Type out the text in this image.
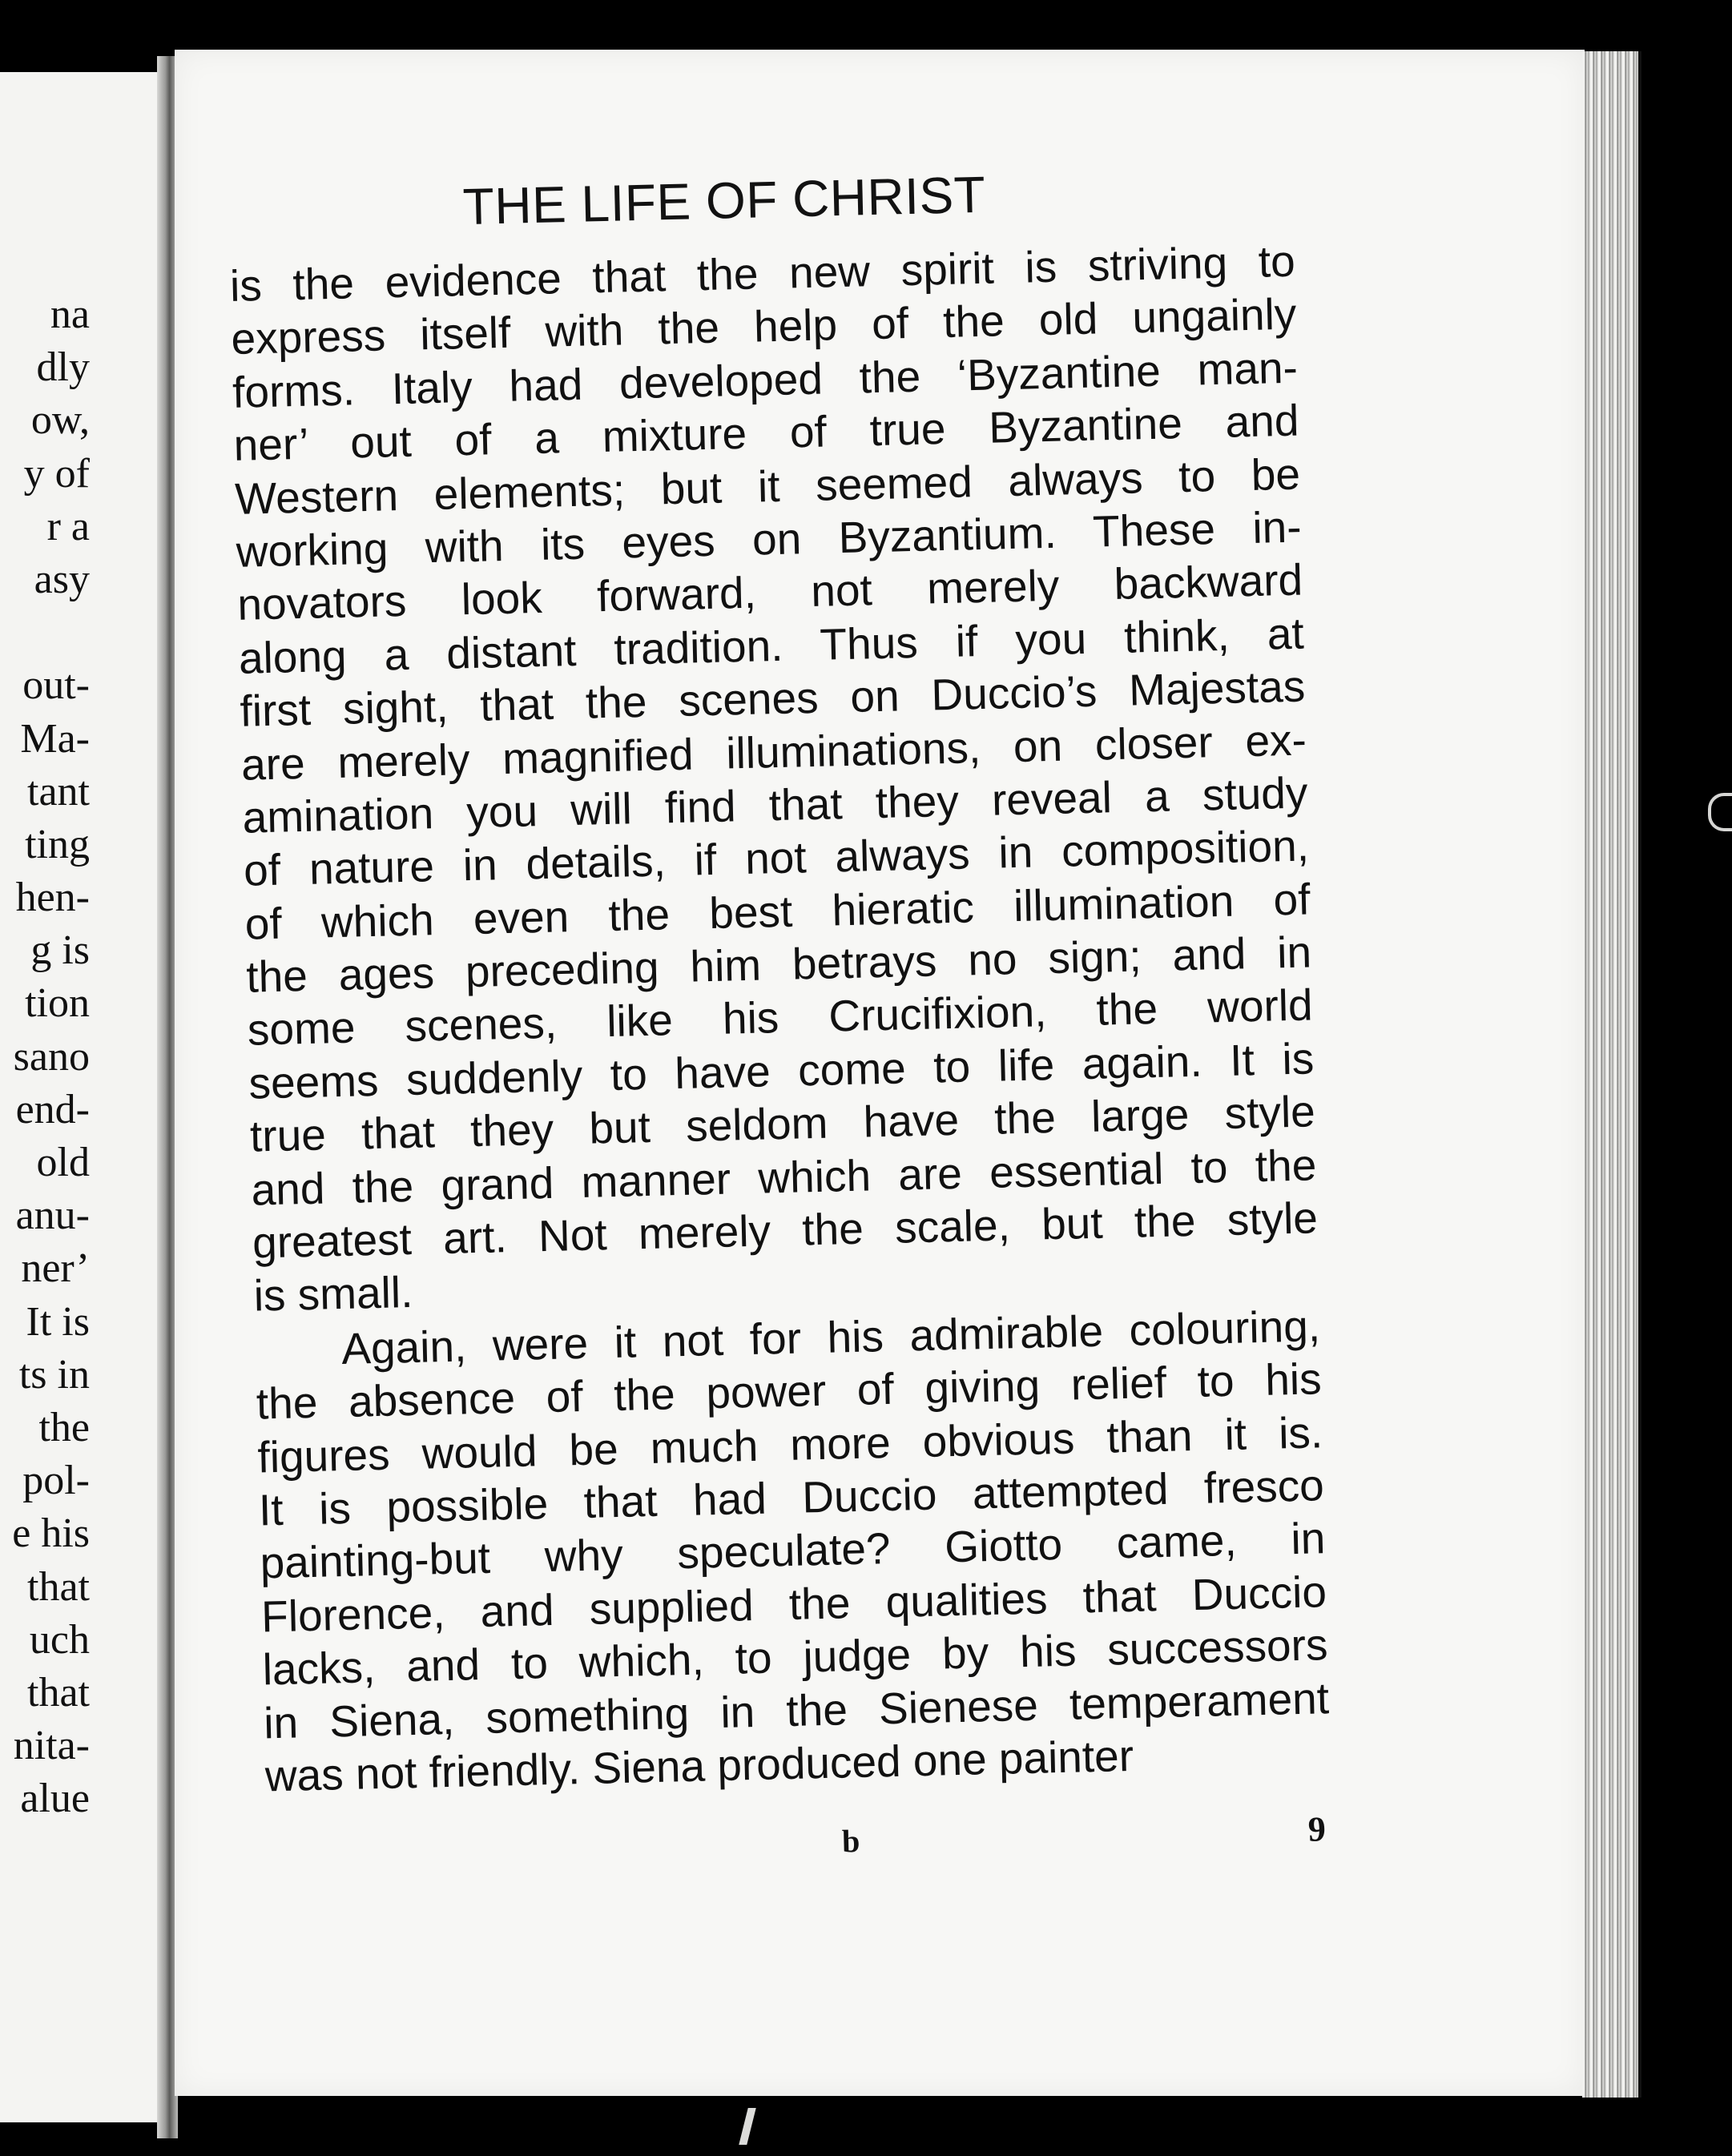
na
dly
ow,
y of
r a
asy
out-
Ma-
tant
ting
hen-
g is
tion
sano
end-
old
anu-
ner’
It is
ts in
the
pol-
e his
that
uch
that
nita-
alue
THE LIFE OF CHRIST
is the evidence that the new spirit is striving to
express itself with the help of the old ungainly
forms. Italy had developed the ‘Byzantine man-
ner’ out of a mixture of true Byzantine and
Western elements; but it seemed always to be
working with its eyes on Byzantium. These in-
novators look forward, not merely backward
along a distant tradition. Thus if you think, at
first sight, that the scenes on Duccio’s Majestas
are merely magnified illuminations, on closer ex-
amination you will find that they reveal a study
of nature in details, if not always in composition,
of which even the best hieratic illumination of
the ages preceding him betrays no sign; and in
some scenes, like his Crucifixion, the world
seems suddenly to have come to life again. It is
true that they but seldom have the large style
and the grand manner which are essential to the
greatest art. Not merely the scale, but the style
is small.
Again, were it not for his admirable colouring,
the absence of the power of giving relief to his
figures would be much more obvious than it is.
It is possible that had Duccio attempted fresco
painting-but why speculate? Giotto came, in
Florence, and supplied the qualities that Duccio
lacks, and to which, to judge by his successors
in Siena, something in the Sienese temperament
was not friendly. Siena produced one painter
b	9
